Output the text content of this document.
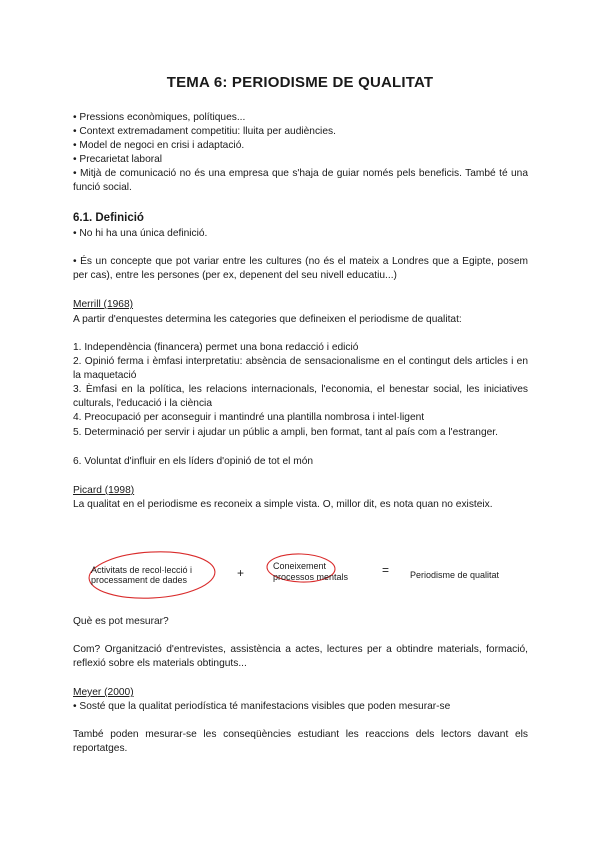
TEMA 6: PERIODISME DE QUALITAT

• Pressions econòmiques, polítiques...

• Context extremadament competitiu: lluita per audiències.

• Model de negoci en crisi i adaptació.

• Precarietat laboral

• Mitjà de comunicació no és una empresa que s'haja de guiar només pels beneficis. També té una funció social.

6.1. Definició

• No hi ha una única definició.

• És un concepte que pot variar entre les cultures (no és el mateix a Londres que a Egipte, posem per cas), entre les persones (per ex, depenent del seu nivell educatiu...)

Merrill (1968)

A partir d'enquestes determina les categories que defineixen el periodisme de qualitat:

1. Independència (financera) permet una bona redacció i edició

2. Opinió ferma i èmfasi interpretatiu: absència de sensacionalisme en el contingut dels articles i en la maquetació

3. Èmfasi en la política, les relacions internacionals, l'economia, el benestar social, les iniciatives culturals, l'educació i la ciència

4. Preocupació per aconseguir i mantindré una plantilla nombrosa i intel·ligent

5. Determinació per servir i ajudar un públic a ampli, ben format, tant al país com a l'estranger.

6. Voluntat d'influir en els líders d'opinió de tot el món

Picard (1998)

La qualitat en el periodisme es reconeix a simple vista. O, millor dit, es nota quan no existeix.

Activitats de recol·lecció i
processament de dades	+	Coneixement
processos mentals	= Periodisme de qualitat

Què es pot mesurar?

Com? Organització d'entrevistes, assistència a actes, lectures per a obtindre materials, formació, reflexió sobre els materials obtinguts...

Meyer (2000)

• Sosté que la qualitat periodística té manifestacions visibles que poden mesurar-se

També poden mesurar-se les conseqüències estudiant les reaccions dels lectors davant els reportatges.
